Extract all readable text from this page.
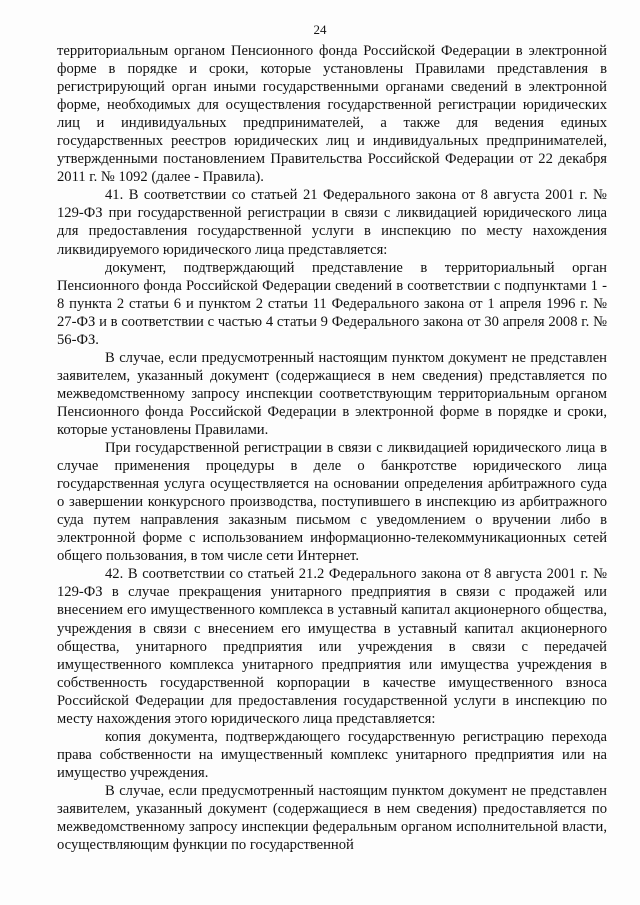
24

территориальным органом Пенсионного фонда Российской Федерации в электронной форме в порядке и сроки, которые установлены Правилами представления в регистрирующий орган иными государственными органами сведений в электронной форме, необходимых для осуществления государственной регистрации юридических лиц и индивидуальных предпринимателей, а также для ведения единых государственных реестров юридических лиц и индивидуальных предпринимателей, утвержденными постановлением Правительства Российской Федерации от 22 декабря 2011 г. № 1092 (далее - Правила).

41. В соответствии со статьей 21 Федерального закона от 8 августа 2001 г. № 129-ФЗ при государственной регистрации в связи с ликвидацией юридического лица для предоставления государственной услуги в инспекцию по месту нахождения ликвидируемого юридического лица представляется:

документ, подтверждающий представление в территориальный орган Пенсионного фонда Российской Федерации сведений в соответствии с подпунктами 1 - 8 пункта 2 статьи 6 и пунктом 2 статьи 11 Федерального закона от 1 апреля 1996 г. № 27-ФЗ и в соответствии с частью 4 статьи 9 Федерального закона от 30 апреля 2008 г. № 56-ФЗ.

В случае, если предусмотренный настоящим пунктом документ не представлен заявителем, указанный документ (содержащиеся в нем сведения) представляется по межведомственному запросу инспекции соответствующим территориальным органом Пенсионного фонда Российской Федерации в электронной форме в порядке и сроки, которые установлены Правилами.

При государственной регистрации в связи с ликвидацией юридического лица в случае применения процедуры в деле о банкротстве юридического лица государственная услуга осуществляется на основании определения арбитражного суда о завершении конкурсного производства, поступившего в инспекцию из арбитражного суда путем направления заказным письмом с уведомлением о вручении либо в электронной форме с использованием информационно-телекоммуникационных сетей общего пользования, в том числе сети Интернет.

42. В соответствии со статьей 21.2 Федерального закона от 8 августа 2001 г. № 129-ФЗ в случае прекращения унитарного предприятия в связи с продажей или внесением его имущественного комплекса в уставный капитал акционерного общества, учреждения в связи с внесением его имущества в уставный капитал акционерного общества, унитарного предприятия или учреждения в связи с передачей имущественного комплекса унитарного предприятия или имущества учреждения в собственность государственной корпорации в качестве имущественного взноса Российской Федерации для предоставления государственной услуги в инспекцию по месту нахождения этого юридического лица представляется:

копия документа, подтверждающего государственную регистрацию перехода права собственности на имущественный комплекс унитарного предприятия или на имущество учреждения.

В случае, если предусмотренный настоящим пунктом документ не представлен заявителем, указанный документ (содержащиеся в нем сведения) предоставляется по межведомственному запросу инспекции федеральным органом исполнительной власти, осуществляющим функции по государственной
